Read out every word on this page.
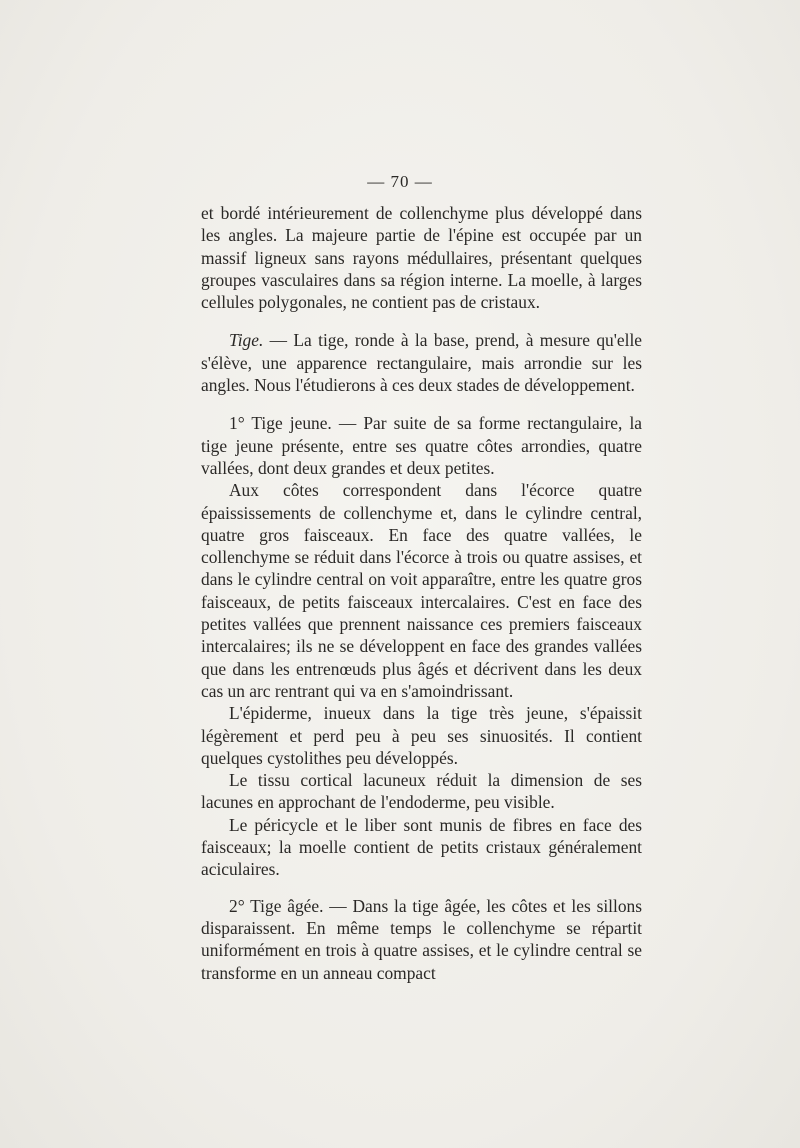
— 70 —

et bordé intérieurement de collenchyme plus développé dans les angles. La majeure partie de l'épine est occupée par un massif ligneux sans rayons médullaires, présentant quelques groupes vasculaires dans sa région interne. La moelle, à larges cellules polygonales, ne contient pas de cristaux.

Tige. — La tige, ronde à la base, prend, à mesure qu'elle s'élève, une apparence rectangulaire, mais arrondie sur les angles. Nous l'étudierons à ces deux stades de développement.

1° Tige jeune. — Par suite de sa forme rectangulaire, la tige jeune présente, entre ses quatre côtes arrondies, quatre vallées, dont deux grandes et deux petites.

Aux côtes correspondent dans l'écorce quatre épaississements de collenchyme et, dans le cylindre central, quatre gros faisceaux. En face des quatre vallées, le collenchyme se réduit dans l'écorce à trois ou quatre assises, et dans le cylindre central on voit apparaître, entre les quatre gros faisceaux, de petits faisceaux intercalaires. C'est en face des petites vallées que prennent naissance ces premiers faisceaux intercalaires; ils ne se développent en face des grandes vallées que dans les entrenœuds plus âgés et décrivent dans les deux cas un arc rentrant qui va en s'amoindrissant.

L'épiderme, inueux dans la tige très jeune, s'épaissit légèrement et perd peu à peu ses sinuosités. Il contient quelques cystolithes peu développés.

Le tissu cortical lacuneux réduit la dimension de ses lacunes en approchant de l'endoderme, peu visible.

Le péricycle et le liber sont munis de fibres en face des faisceaux; la moelle contient de petits cristaux généralement aciculaires.

2° Tige âgée. — Dans la tige âgée, les côtes et les sillons disparaissent. En même temps le collenchyme se répartit uniformément en trois à quatre assises, et le cylindre central se transforme en un anneau compact
